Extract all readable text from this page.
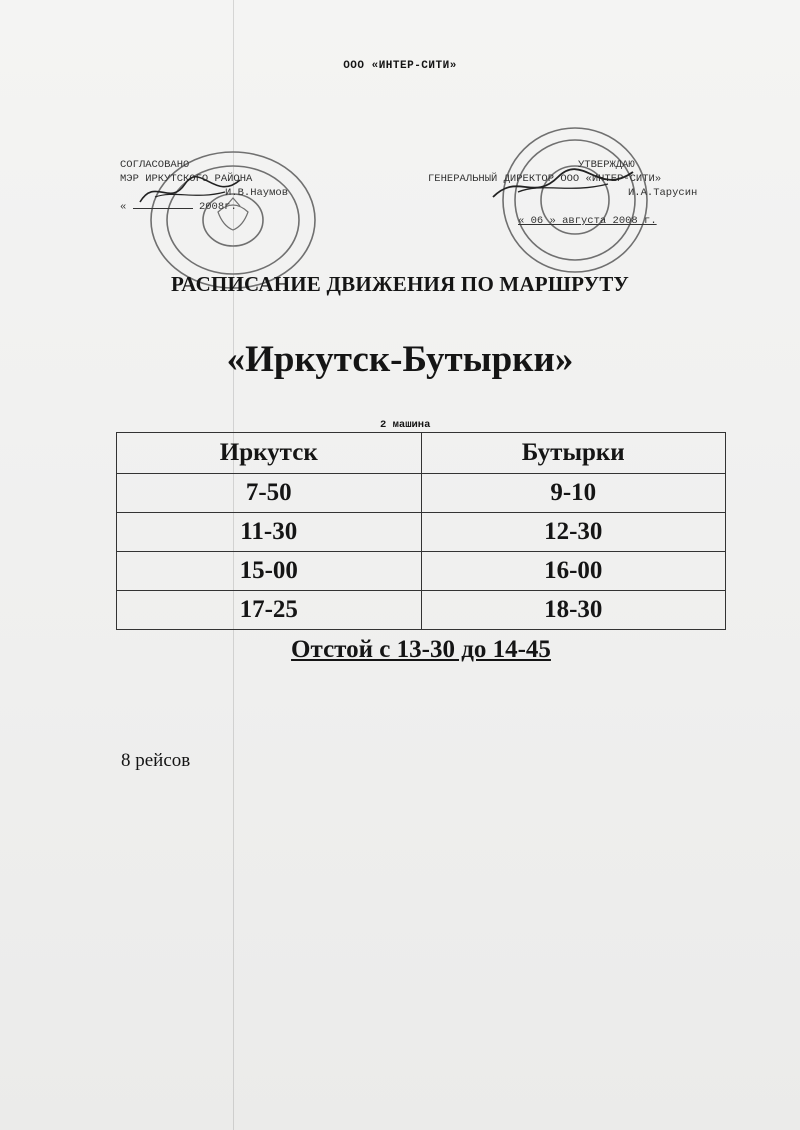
ООО «ИНТЕР-СИТИ»
СОГЛАСОВАНО
МЭР ИРКУТСКОГО РАЙОНА
И.В.Наумов
«	2008г.
УТВЕРЖДАЮ
ГЕНЕРАЛЬНЫЙ ДИРЕКТОР ООО «ИНТЕР-СИТИ»
И.А.Тарусин
« 06 » августа 2008 г.
РАСПИСАНИЕ ДВИЖЕНИЯ ПО МАРШРУТУ
«Иркутск-Бутырки»
2 машина
Иркутск	Бутырки
7-50	9-10
11-30	12-30
15-00	16-00
17-25	18-30
Отстой с 13-30 до 14-45
8 рейсов
